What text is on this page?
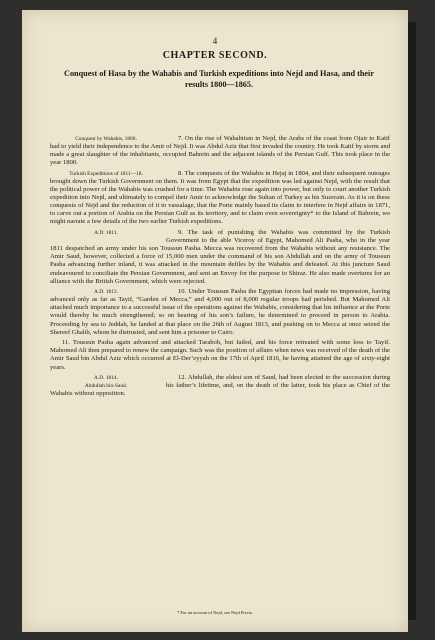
4
CHAPTER SECOND.
Conquest of Hasa by the Wahabis and Turkish expeditions into Nejd and Hasa, and their results 1800—1865.

Conquest by Wahabis, 1800.	7. On the rise of Wahabiism in Nejd, the Arabs of the coast from Ojair to Katif had to yield their independence to the Amir of Nejd. It was Abdul Aziz that first invaded the country. He took Katif by storm and made a great slaughter of the inhabitants, occupied Bahrein and the adjacent islands of the Persian Gulf. This took place in the year 1800.

Turkish Expeditions of 1811—18.	8. The conquests of the Wahabis in Hejaj in 1804, and their subsequent outrages brought down the Turkish Government on them. It was from Egypt that the expedition was led against Nejd, with the result that the political power of the Wahabis was crushed for a time. The Wahabis rose again into power, but only to court another Turkish expedition into Nejd, and ultimately to compel their Amir to acknowledge the Sultan of Turkey as his Suzerain. As it is on these conquests of Nejd and the reduction of it to vassalage, that the Porte mainly based its claim to interfere in Nejd affairs in 1871, to carve out a portion of Arabia on the Persian Gulf as its territory, and to claim even sovereignty* to the Island of Bahrein, we might narrate a few details of the two earlier Turkish expeditions.

A.D. 1811.	9. The task of punishing the Wahabis was committed by the Turkish Government to the able Viceroy of Egypt, Mahomed Ali Pasha, who in the year 1811 despatched an army under his son Toussun Pasha. Mecca was recovered from the Wahabis without any resistance. The Amir Saud, however, collected a force of 15,000 men under the command of his son Abdullah and on the army of Toussun Pasha advancing further inland, it was attacked in the mountain defiles by the Wahabis and defeated. At this juncture Saud endeavoured to conciliate the Persian Government, and sent an Envoy for the purpose to Shiraz. He also made overtures for an alliance with the British Government, which were rejected.

A.D. 1813.	10. Under Toussun Pasha the Egyptian forces had made no impression, having advanced only as far as Tayif, “Garden of Mecca,” and 4,000 out of 8,000 regular troops had perished. But Mahomed Ali attached much importance to a successful issue of the operations against the Wahabis, considering that his influence at the Porte would thereby be much strengthened; so on hearing of his son’s failure, he determined to proceed in person to Arabia. Proceeding by sea to Jeddah, he landed at that place on the 26th of August 1813, and pushing on to Mecca at once seized the Shereef Ghalib, whom he distrusted, and sent him a prisoner to Cairo.

11. Toussun Pasha again advanced and attacked Taraboh, but failed, and his force retreated with some loss to Tayif. Mahomed Ali then prepared to renew the campaign. Such was the position of affairs when news was received of the death of the Amir Saud bin Abdul Aziz which occurred at El-Der’eyyah on the 17th of April 1816, he having attained the age of sixty-eight years.

A.D. 1814.
Abdullah bin-Saud.
12. Abdullah, the eldest son of Saud, had been elected to the succession during his father’s lifetime, and, on the death of the latter, took his place as Chief of the Wahabis without opposition.

* For an account of Nejd, see Nejd Precis.
